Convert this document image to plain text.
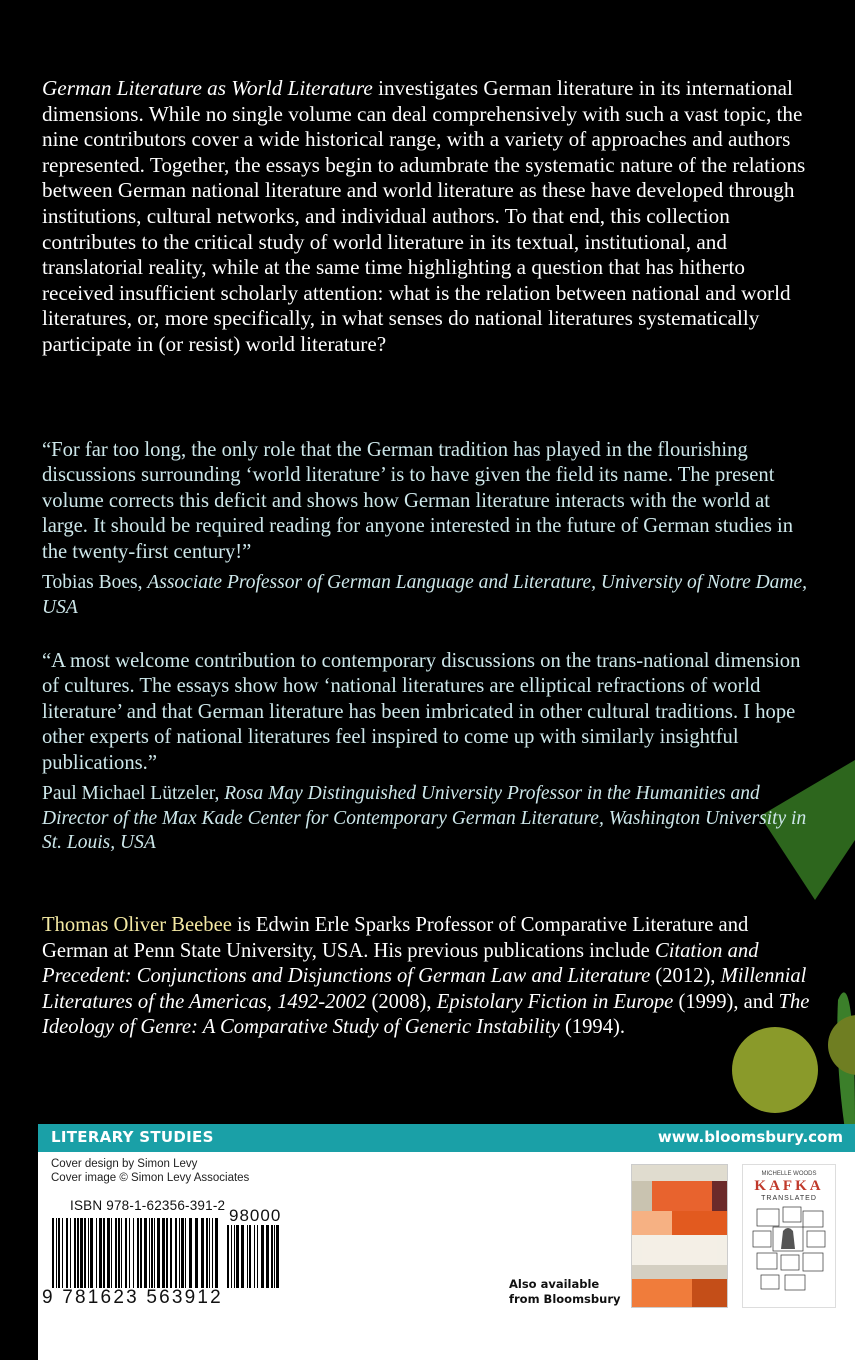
German Literature as World Literature investigates German literature in its international dimensions. While no single volume can deal comprehensively with such a vast topic, the nine contributors cover a wide historical range, with a variety of approaches and authors represented. Together, the essays begin to adumbrate the systematic nature of the relations between German national literature and world literature as these have developed through institutions, cultural networks, and individual authors. To that end, this collection contributes to the critical study of world literature in its textual, institutional, and translatorial reality, while at the same time highlighting a question that has hitherto received insufficient scholarly attention: what is the relation between national and world literatures, or, more specifically, in what senses do national literatures systematically participate in (or resist) world literature?
“For far too long, the only role that the German tradition has played in the flourishing discussions surrounding ‘world literature’ is to have given the field its name. The present volume corrects this deficit and shows how German literature interacts with the world at large. It should be required reading for anyone interested in the future of German studies in the twenty-first century!”
Tobias Boes, Associate Professor of German Language and Literature, University of Notre Dame, USA
“A most welcome contribution to contemporary discussions on the trans-national dimension of cultures. The essays show how ‘national literatures are elliptical refractions of world literature’ and that German literature has been imbricated in other cultural traditions. I hope other experts of national literatures feel inspired to come up with similarly insightful publications.”
Paul Michael Lützeler, Rosa May Distinguished University Professor in the Humanities and Director of the Max Kade Center for Contemporary German Literature, Washington University in St. Louis, USA
Thomas Oliver Beebee is Edwin Erle Sparks Professor of Comparative Literature and German at Penn State University, USA. His previous publications include Citation and Precedent: Conjunctions and Disjunctions of German Law and Literature (2012), Millennial Literatures of the Americas, 1492-2002 (2008), Epistolary Fiction in Europe (1999), and The Ideology of Genre: A Comparative Study of Generic Instability (1994).
LITERARY STUDIES	www.bloomsbury.com
Cover design by Simon Levy
Cover image © Simon Levy Associates
ISBN 978-1-62356-391-2
98000
9 781623 563912
Also available
from Bloomsbury
MICHELLE WOODS
KAFKA
TRANSLATED
